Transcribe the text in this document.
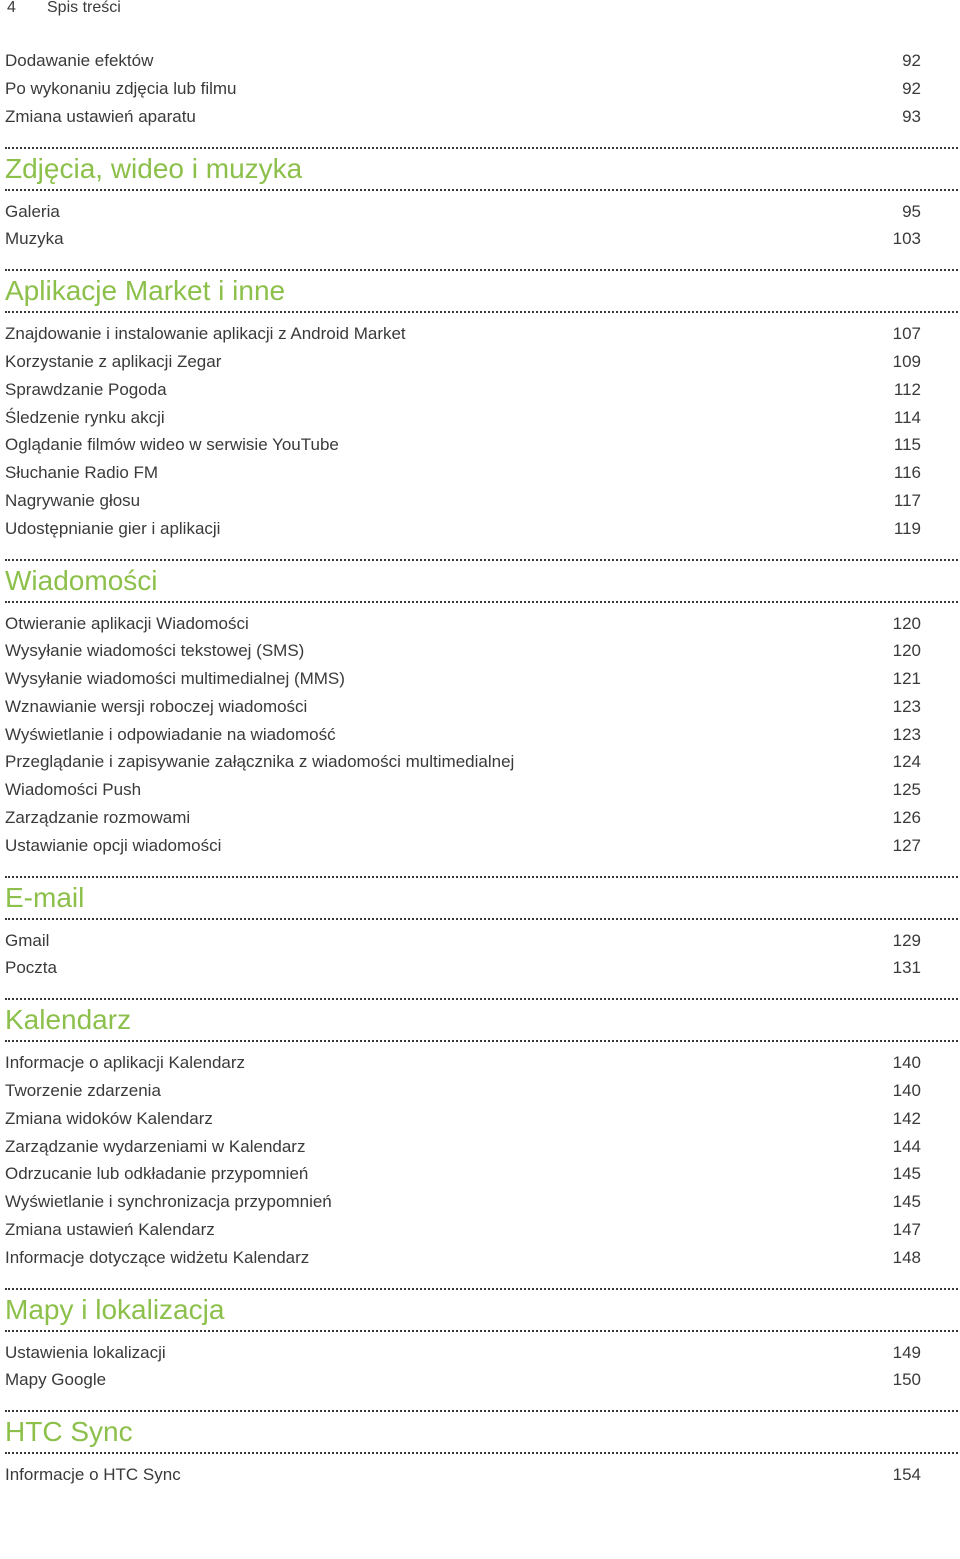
4 Spis treści
Dodawanie efektów	92
Po wykonaniu zdjęcia lub filmu	92
Zmiana ustawień aparatu	93
Zdjęcia, wideo i muzyka
Galeria	95
Muzyka	103
Aplikacje Market i inne
Znajdowanie i instalowanie aplikacji z Android Market	107
Korzystanie z aplikacji Zegar	109
Sprawdzanie Pogoda	112
Śledzenie rynku akcji	114
Oglądanie filmów wideo w serwisie YouTube	115
Słuchanie Radio FM	116
Nagrywanie głosu	117
Udostępnianie gier i aplikacji	119
Wiadomości
Otwieranie aplikacji Wiadomości	120
Wysyłanie wiadomości tekstowej (SMS)	120
Wysyłanie wiadomości multimedialnej (MMS)	121
Wznawianie wersji roboczej wiadomości	123
Wyświetlanie i odpowiadanie na wiadomość	123
Przeglądanie i zapisywanie załącznika z wiadomości multimedialnej	124
Wiadomości Push	125
Zarządzanie rozmowami	126
Ustawianie opcji wiadomości	127
E-mail
Gmail	129
Poczta	131
Kalendarz
Informacje o aplikacji Kalendarz	140
Tworzenie zdarzenia	140
Zmiana widoków Kalendarz	142
Zarządzanie wydarzeniami w Kalendarz	144
Odrzucanie lub odkładanie przypomnień	145
Wyświetlanie i synchronizacja przypomnień	145
Zmiana ustawień Kalendarz	147
Informacje dotyczące widżetu Kalendarz	148
Mapy i lokalizacja
Ustawienia lokalizacji	149
Mapy Google	150
HTC Sync
Informacje o HTC Sync	154
